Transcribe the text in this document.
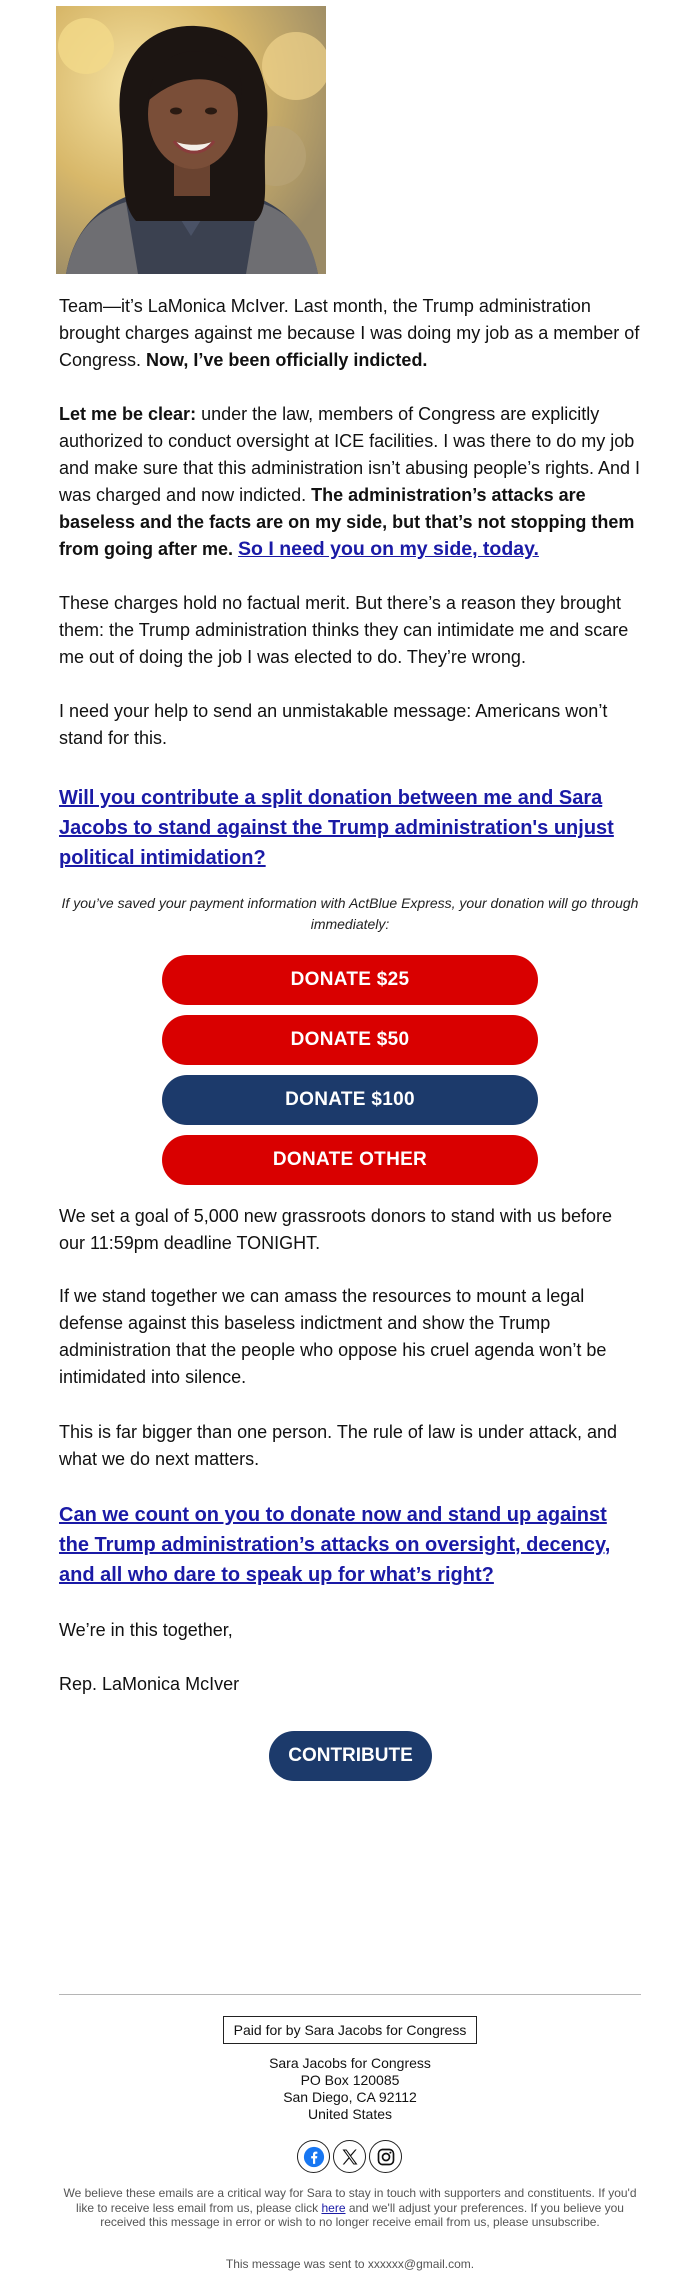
Team—it’s LaMonica McIver. Last month, the Trump administration brought charges against me because I was doing my job as a member of Congress. Now, I’ve been officially indicted.
Let me be clear: under the law, members of Congress are explicitly authorized to conduct oversight at ICE facilities. I was there to do my job and make sure that this administration isn’t abusing people’s rights. And I was charged and now indicted. The administration’s attacks are baseless and the facts are on my side, but that’s not stopping them from going after me. So I need you on my side, today.
These charges hold no factual merit. But there’s a reason they brought them: the Trump administration thinks they can intimidate me and scare me out of doing the job I was elected to do. They’re wrong.
I need your help to send an unmistakable message: Americans won’t stand for this.
Will you contribute a split donation between me and Sara Jacobs to stand against the Trump administration's unjust political intimidation?
If you’ve saved your payment information with ActBlue Express, your donation will go through immediately:
DONATE $25
DONATE $50
DONATE $100
DONATE OTHER
We set a goal of 5,000 new grassroots donors to stand with us before our 11:59pm deadline TONIGHT.
If we stand together we can amass the resources to mount a legal defense against this baseless indictment and show the Trump administration that the people who oppose his cruel agenda won’t be intimidated into silence.
This is far bigger than one person. The rule of law is under attack, and what we do next matters.
Can we count on you to donate now and stand up against the Trump administration’s attacks on oversight, decency, and all who dare to speak up for what’s right?
We’re in this together,
Rep. LaMonica McIver
CONTRIBUTE
Paid for by Sara Jacobs for Congress
Sara Jacobs for Congress
PO Box 120085
San Diego, CA 92112
United States
We believe these emails are a critical way for Sara to stay in touch with supporters and constituents. If you'd like to receive less email from us, please click here and we'll adjust your preferences. If you believe you received this message in error or wish to no longer receive email from us, please unsubscribe.
This message was sent to xxxxxx@gmail.com.
